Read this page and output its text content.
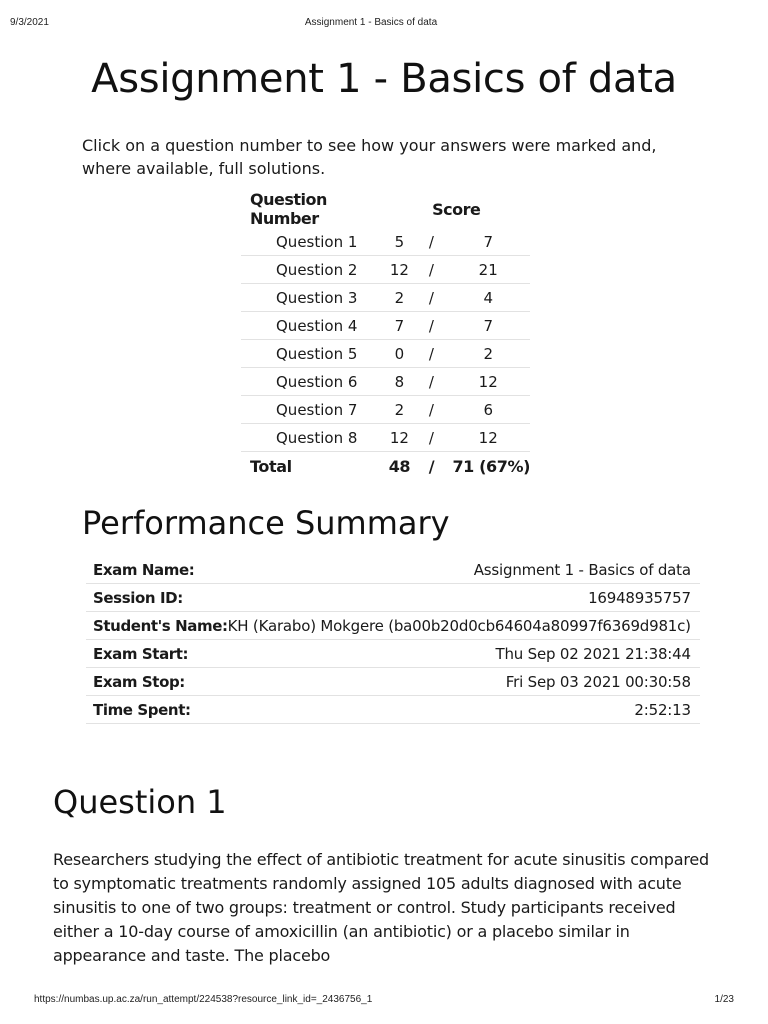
9/3/2021	Assignment 1 - Basics of data
Assignment 1 - Basics of data

Click on a question number to see how your answers were marked and, where available, full solutions.

Question Number	Score		
Question 1	5	/	7
Question 2	12	/	21
Question 3	2	/	4
Question 4	7	/	7
Question 5	0	/	2
Question 6	8	/	12
Question 7	2	/	6
Question 8	12	/	12
Total	48	/	71 (67%)
Performance Summary
Exam Name:	Assignment 1 - Basics of data
Session ID:	16948935757
Student's Name:	KH (Karabo) Mokgere (ba00b20d0cb64604a80997f6369d981c)
Exam Start:	Thu Sep 02 2021 21:38:44
Exam Stop:	Fri Sep 03 2021 00:30:58
Time Spent:	2:52:13
Question 1

Researchers studying the effect of antibiotic treatment for acute sinusitis compared to symptomatic treatments randomly assigned 105 adults diagnosed with acute sinusitis to one of two groups: treatment or control. Study participants received either a 10-day course of amoxicillin (an antibiotic) or a placebo similar in appearance and taste. The placebo

https://numbas.up.ac.za/run_attempt/224538?resource_link_id=_2436756_1	1/23
